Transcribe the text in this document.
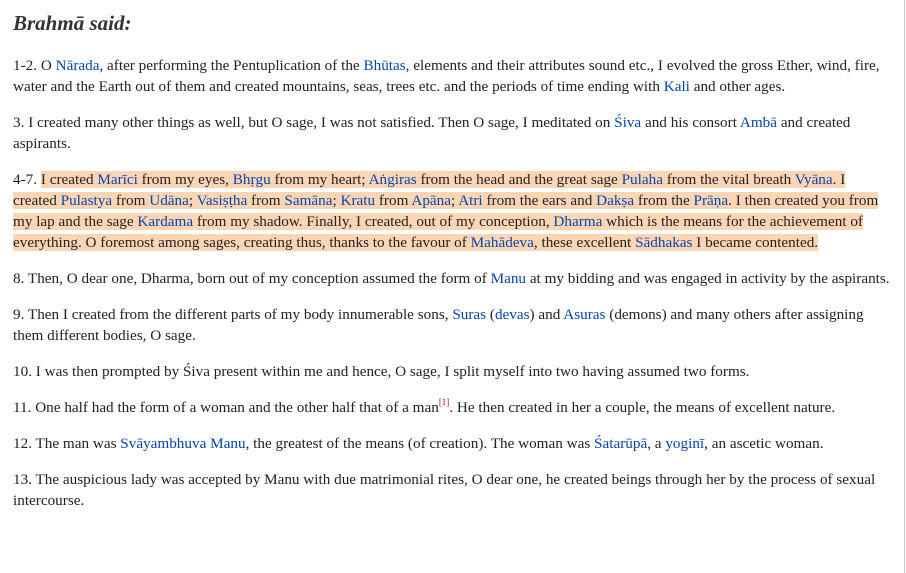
Brahmā said:

1-2. O Nārada, after performing the Pentuplication of the Bhūtas, elements and their attributes sound etc., I evolved the gross Ether, wind, fire, water and the Earth out of them and created mountains, seas, trees etc. and the periods of time ending with Kali and other ages.

3. I created many other things as well, but O sage, I was not satisfied. Then O sage, I meditated on Śiva and his consort Ambā and created aspirants.

4-7. I created Marīci from my eyes, Bhṛgu from my heart; Aṅgiras from the head and the great sage Pulaha from the vital breath Vyāna. I created Pulastya from Udāna; Vasiṣṭha from Samāna; Kratu from Apāna; Atri from the ears and Dakṣa from the Prāṇa. I then created you from my lap and the sage Kardama from my shadow. Finally, I created, out of my conception, Dharma which is the means for the achievement of everything. O foremost among sages, creating thus, thanks to the favour of Mahādeva, these excellent Sādhakas I became contented.

8. Then, O dear one, Dharma, born out of my conception assumed the form of Manu at my bidding and was engaged in activity by the aspirants.

9. Then I created from the different parts of my body innumerable sons, Suras (devas) and Asuras (demons) and many others after assigning them different bodies, O sage.

10. I was then prompted by Śiva present within me and hence, O sage, I split myself into two having assumed two forms.

11. One half had the form of a woman and the other half that of a man[1]. He then created in her a couple, the means of excellent nature.

12. The man was Svāyambhuva Manu, the greatest of the means (of creation). The woman was Śatarūpā, a yoginī, an ascetic woman.

13. The auspicious lady was accepted by Manu with due matrimonial rites, O dear one, he created beings through her by the process of sexual intercourse.
